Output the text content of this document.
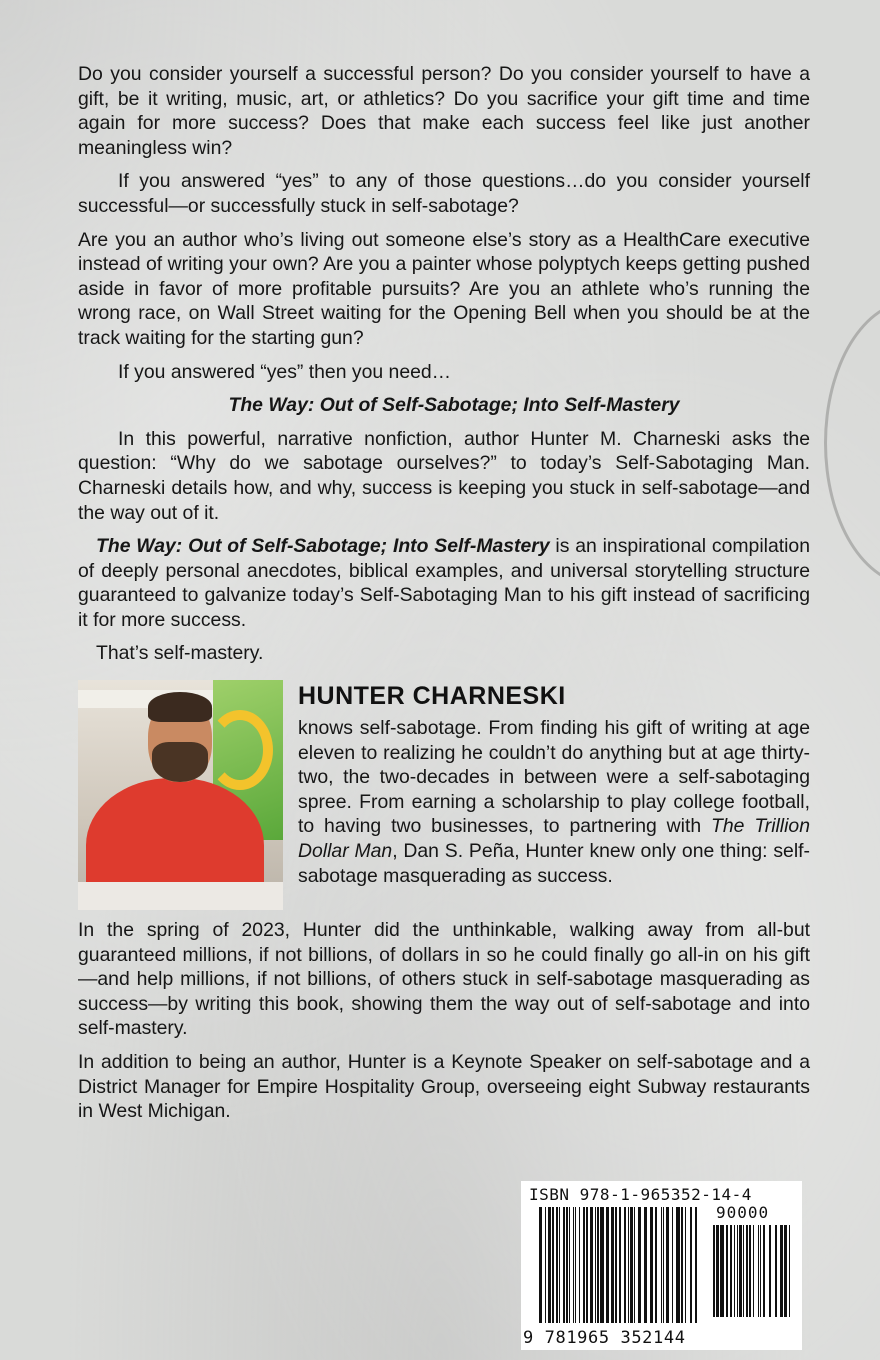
Do you consider yourself a successful person? Do you consider yourself to have a gift, be it writing, music, art, or athletics? Do you sacrifice your gift time and time again for more success? Does that make each success feel like just another meaningless win?

If you answered “yes” to any of those questions…do you consider yourself successful—or successfully stuck in self-sabotage?

Are you an author who’s living out someone else’s story as a HealthCare executive instead of writing your own? Are you a painter whose polyptych keeps getting pushed aside in favor of more profitable pursuits? Are you an athlete who’s running the wrong race, on Wall Street waiting for the Opening Bell when you should be at the track waiting for the starting gun?

If you answered “yes” then you need…

The Way: Out of Self-Sabotage; Into Self-Mastery

In this powerful, narrative nonfiction, author Hunter M. Charneski asks the question: “Why do we sabotage ourselves?” to today’s Self-Sabotaging Man. Charneski details how, and why, success is keeping you stuck in self-sabotage—and the way out of it.

The Way: Out of Self-Sabotage; Into Self-Mastery is an inspirational compilation of deeply personal anecdotes, biblical examples, and universal storytelling structure guaranteed to galvanize today’s Self-Sabotaging Man to his gift instead of sacrificing it for more success.

That’s self-mastery.

HUNTER CHARNESKI

knows self-sabotage. From finding his gift of writing at age eleven to realizing he couldn’t do anything but at age thirty-two, the two-decades in between were a self-sabotaging spree. From earning a scholarship to play college football, to having two businesses, to partnering with The Trillion Dollar Man, Dan S. Peña, Hunter knew only one thing: self-sabotage masquerading as success.

In the spring of 2023, Hunter did the unthinkable, walking away from all-but guaranteed millions, if not billions, of dollars in so he could finally go all-in on his gift—and help millions, if not billions, of others stuck in self-sabotage masquerading as success—by writing this book, showing them the way out of self-sabotage and into self-mastery.

In addition to being an author, Hunter is a Keynote Speaker on self-sabotage and a District Manager for Empire Hospitality Group, overseeing eight Subway restaurants in West Michigan.

ISBN 978-1-965352-14-4
90000
9 781965 352144
